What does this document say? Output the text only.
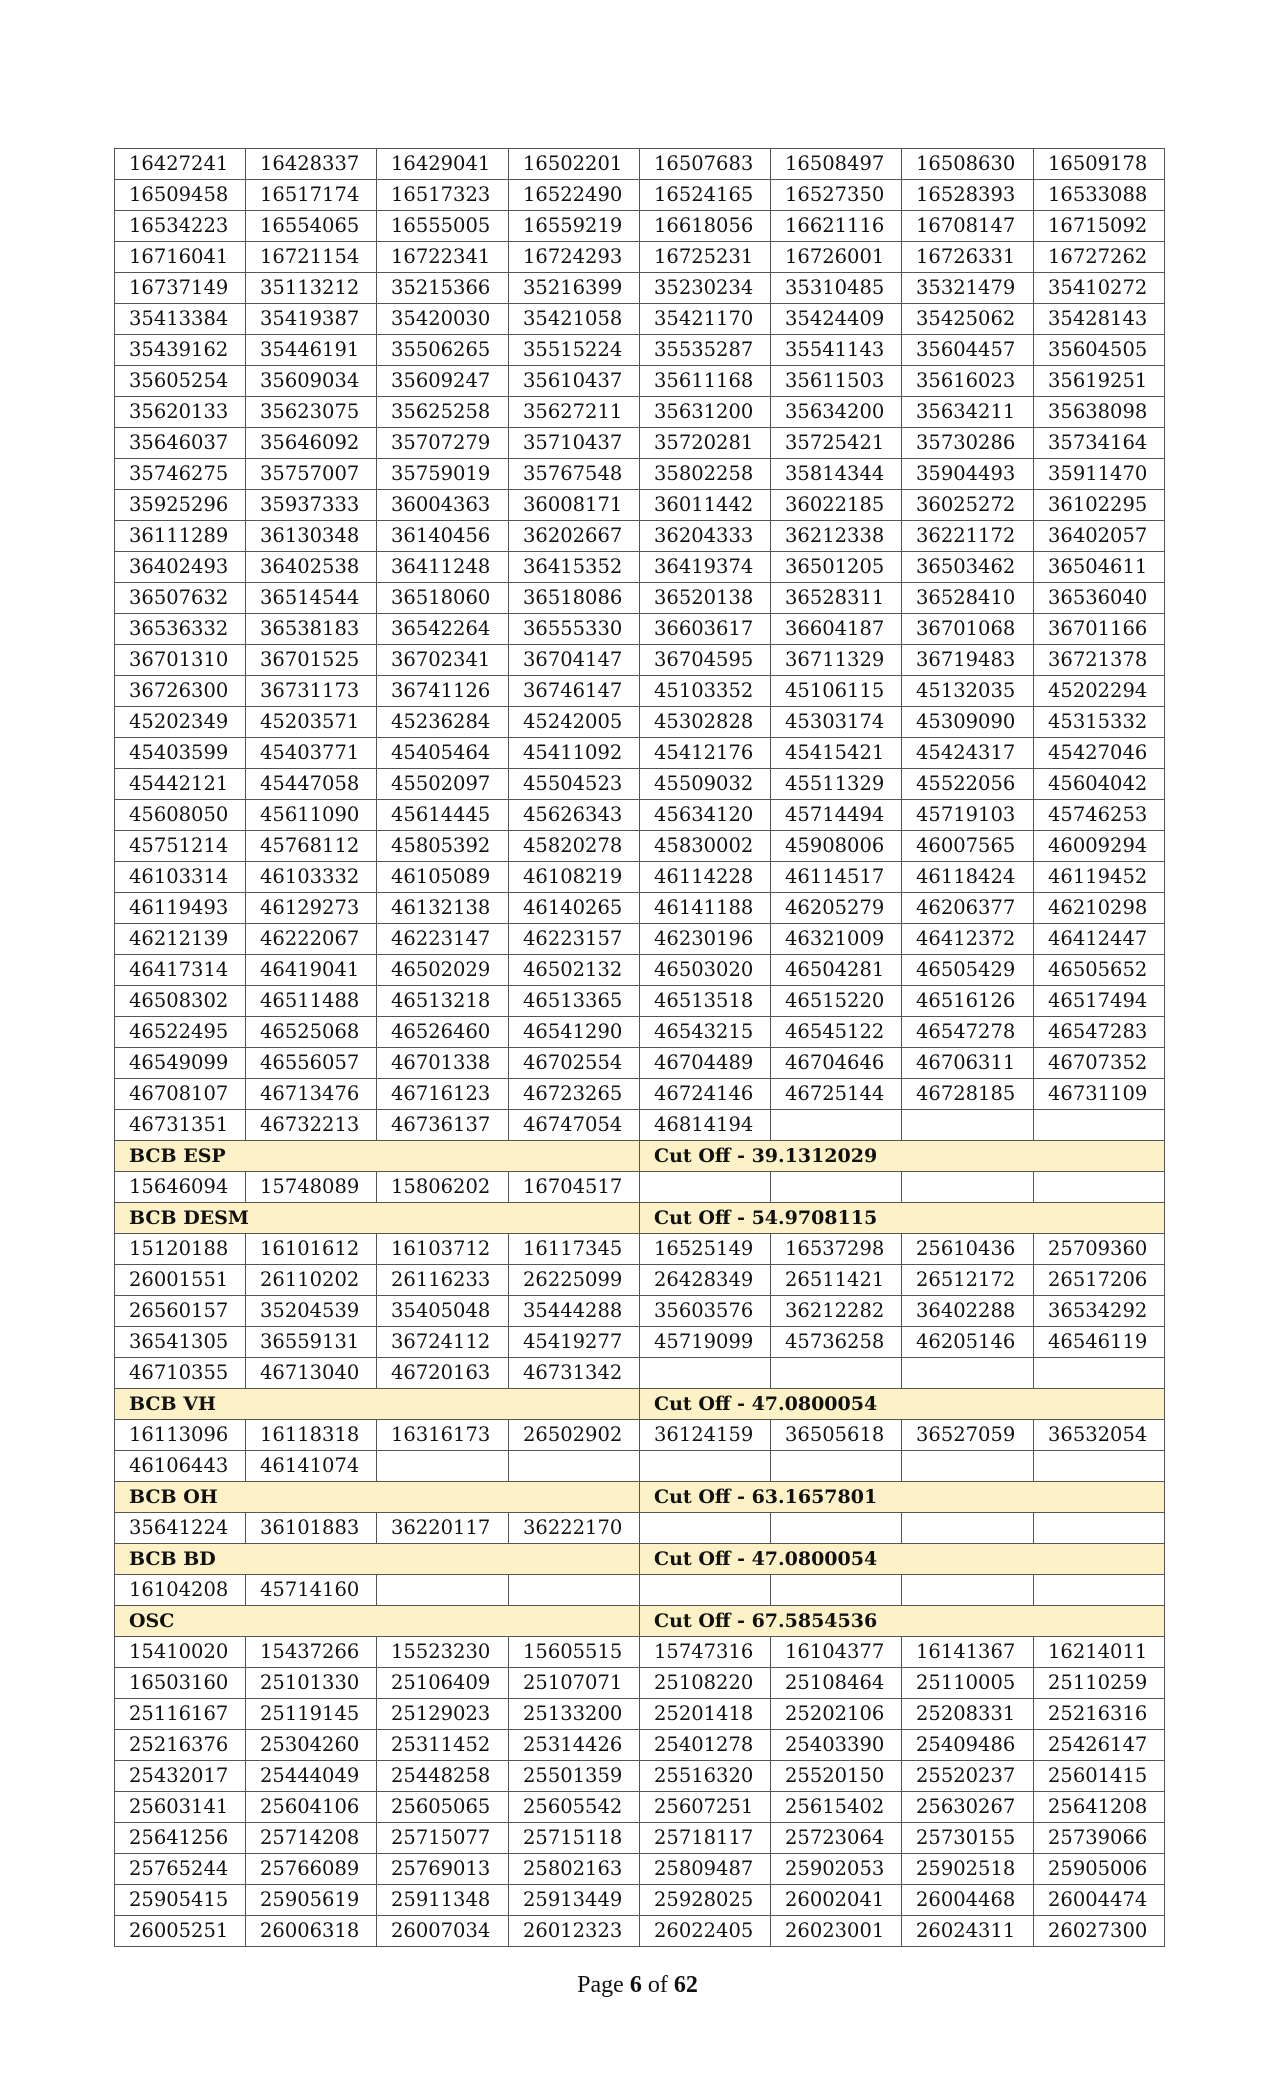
16427241	16428337	16429041	16502201	16507683	16508497	16508630	16509178
16509458	16517174	16517323	16522490	16524165	16527350	16528393	16533088
16534223	16554065	16555005	16559219	16618056	16621116	16708147	16715092
16716041	16721154	16722341	16724293	16725231	16726001	16726331	16727262
16737149	35113212	35215366	35216399	35230234	35310485	35321479	35410272
35413384	35419387	35420030	35421058	35421170	35424409	35425062	35428143
35439162	35446191	35506265	35515224	35535287	35541143	35604457	35604505
35605254	35609034	35609247	35610437	35611168	35611503	35616023	35619251
35620133	35623075	35625258	35627211	35631200	35634200	35634211	35638098
35646037	35646092	35707279	35710437	35720281	35725421	35730286	35734164
35746275	35757007	35759019	35767548	35802258	35814344	35904493	35911470
35925296	35937333	36004363	36008171	36011442	36022185	36025272	36102295
36111289	36130348	36140456	36202667	36204333	36212338	36221172	36402057
36402493	36402538	36411248	36415352	36419374	36501205	36503462	36504611
36507632	36514544	36518060	36518086	36520138	36528311	36528410	36536040
36536332	36538183	36542264	36555330	36603617	36604187	36701068	36701166
36701310	36701525	36702341	36704147	36704595	36711329	36719483	36721378
36726300	36731173	36741126	36746147	45103352	45106115	45132035	45202294
45202349	45203571	45236284	45242005	45302828	45303174	45309090	45315332
45403599	45403771	45405464	45411092	45412176	45415421	45424317	45427046
45442121	45447058	45502097	45504523	45509032	45511329	45522056	45604042
45608050	45611090	45614445	45626343	45634120	45714494	45719103	45746253
45751214	45768112	45805392	45820278	45830002	45908006	46007565	46009294
46103314	46103332	46105089	46108219	46114228	46114517	46118424	46119452
46119493	46129273	46132138	46140265	46141188	46205279	46206377	46210298
46212139	46222067	46223147	46223157	46230196	46321009	46412372	46412447
46417314	46419041	46502029	46502132	46503020	46504281	46505429	46505652
46508302	46511488	46513218	46513365	46513518	46515220	46516126	46517494
46522495	46525068	46526460	46541290	46543215	46545122	46547278	46547283
46549099	46556057	46701338	46702554	46704489	46704646	46706311	46707352
46708107	46713476	46716123	46723265	46724146	46725144	46728185	46731109
46731351	46732213	46736137	46747054	46814194			
BCB ESP				Cut Off - 39.1312029			
15646094	15748089	15806202	16704517				
BCB DESM				Cut Off - 54.9708115			
15120188	16101612	16103712	16117345	16525149	16537298	25610436	25709360
26001551	26110202	26116233	26225099	26428349	26511421	26512172	26517206
26560157	35204539	35405048	35444288	35603576	36212282	36402288	36534292
36541305	36559131	36724112	45419277	45719099	45736258	46205146	46546119
46710355	46713040	46720163	46731342				
BCB VH				Cut Off - 47.0800054			
16113096	16118318	16316173	26502902	36124159	36505618	36527059	36532054
46106443	46141074						
BCB OH				Cut Off - 63.1657801			
35641224	36101883	36220117	36222170				
BCB BD				Cut Off - 47.0800054			
16104208	45714160						
OSC				Cut Off - 67.5854536			
15410020	15437266	15523230	15605515	15747316	16104377	16141367	16214011
16503160	25101330	25106409	25107071	25108220	25108464	25110005	25110259
25116167	25119145	25129023	25133200	25201418	25202106	25208331	25216316
25216376	25304260	25311452	25314426	25401278	25403390	25409486	25426147
25432017	25444049	25448258	25501359	25516320	25520150	25520237	25601415
25603141	25604106	25605065	25605542	25607251	25615402	25630267	25641208
25641256	25714208	25715077	25715118	25718117	25723064	25730155	25739066
25765244	25766089	25769013	25802163	25809487	25902053	25902518	25905006
25905415	25905619	25911348	25913449	25928025	26002041	26004468	26004474
26005251	26006318	26007034	26012323	26022405	26023001	26024311	26027300
Page 6 of 62
